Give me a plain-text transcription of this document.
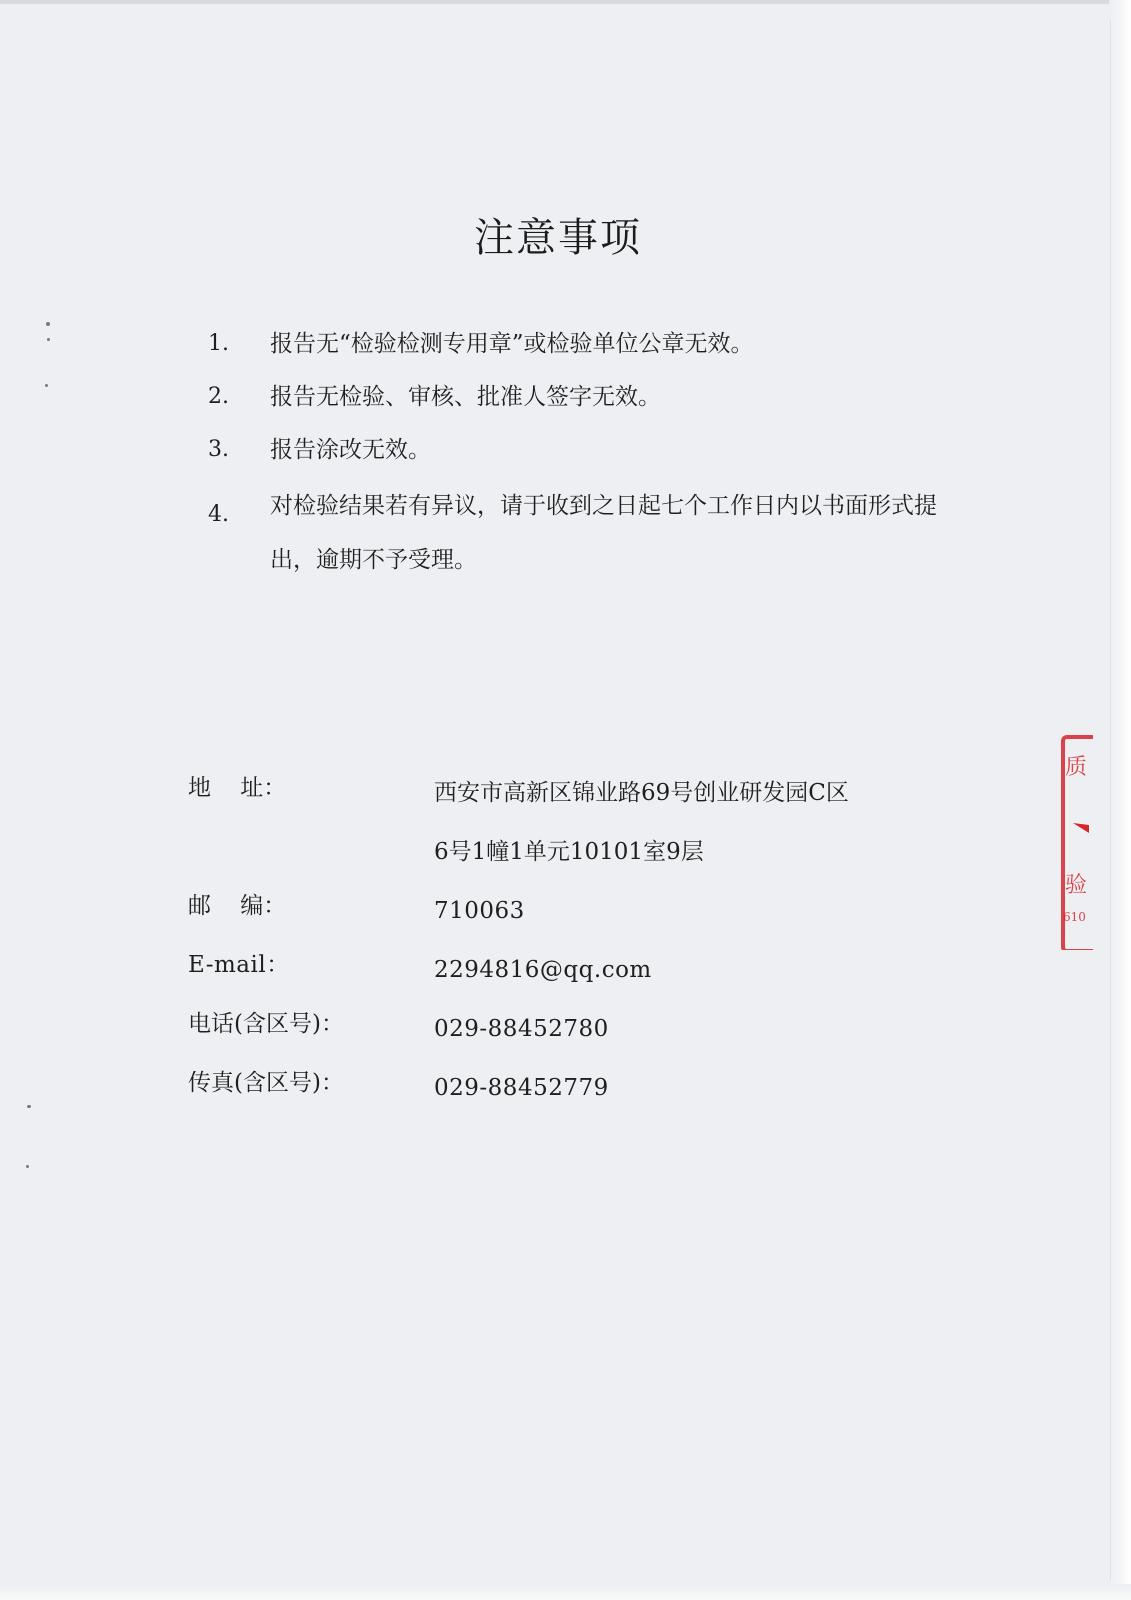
注意事项
1. 报告无“检验检测专用章”或检验单位公章无效。
2. 报告无检验、审核、批准人签字无效。
3. 报告涂改无效。
4. 对检验结果若有异议，请于收到之日起七个工作日内以书面形式提出，逾期不予受理。
地    址：	西安市高新区锦业路69号创业研发园C区
6号1幢1单元10101室9层
邮    编：	710063
E-mail：	2294816@qq.com
电话(含区号)：	029-88452780
传真(含区号)：	029-88452779
质
验
610
